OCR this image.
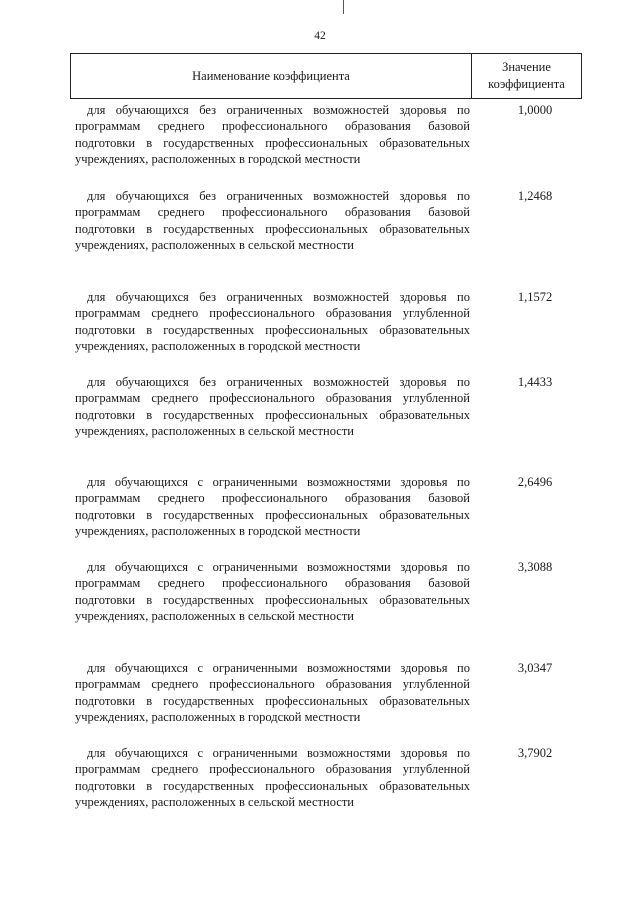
42
Наименование коэффициента
Значение
коэффициента
для обучающихся без ограниченных возможностей здоровья по программам среднего профессионального образования базовой подготовки в государственных профессиональных образовательных учреждениях, расположенных в городской местности
1,0000
для обучающихся без ограниченных возможностей здоровья по программам среднего профессионального образования базовой подготовки в государственных профессиональных образовательных учреждениях, расположенных в сельской местности
1,2468
для обучающихся без ограниченных возможностей здоровья по программам среднего профессионального образования углубленной подготовки в государственных профессиональных образовательных учреждениях, расположенных в городской местности
1,1572
для обучающихся без ограниченных возможностей здоровья по программам среднего профессионального образования углубленной подготовки в государственных профессиональных образовательных учреждениях, расположенных в сельской местности
1,4433
для обучающихся с ограниченными возможностями здоровья по программам среднего профессионального образования базовой подготовки в государственных профессиональных образовательных учреждениях, расположенных в городской местности
2,6496
для обучающихся с ограниченными возможностями здоровья по программам среднего профессионального образования базовой подготовки в государственных профессиональных образовательных учреждениях, расположенных в сельской местности
3,3088
для обучающихся с ограниченными возможностями здоровья по программам среднего профессионального образования углубленной подготовки в государственных профессиональных образовательных учреждениях, расположенных в городской местности
3,0347
для обучающихся с ограниченными возможностями здоровья по программам среднего профессионального образования углубленной подготовки в государственных профессиональных образовательных учреждениях, расположенных в сельской местности
3,7902
